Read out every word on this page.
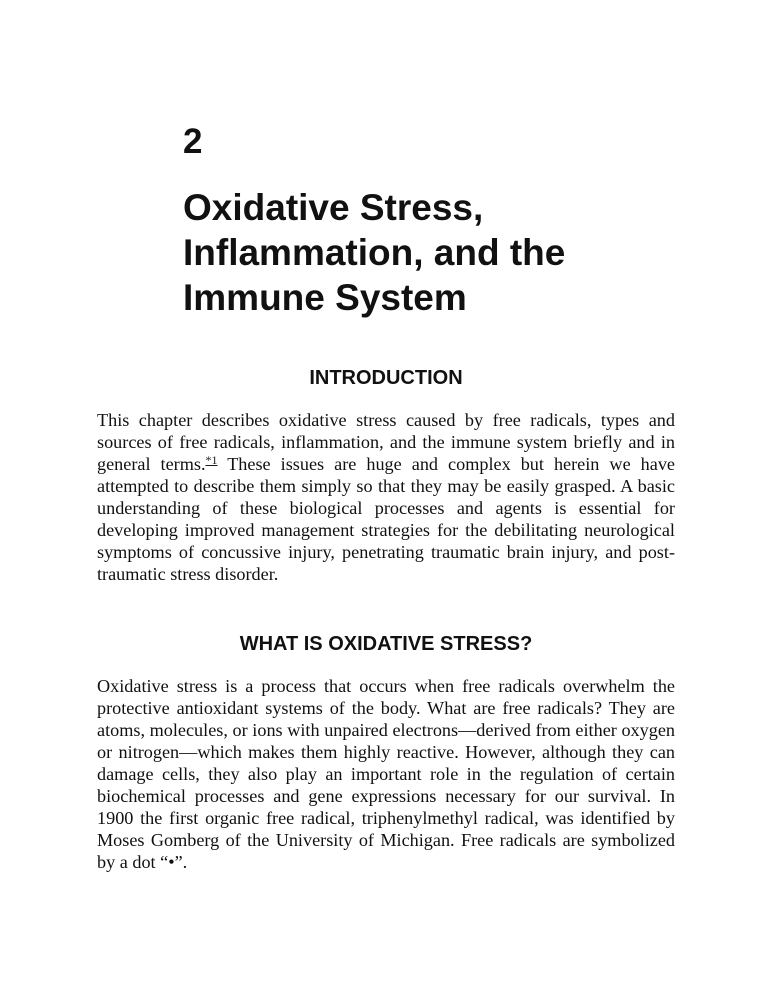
2
Oxidative Stress,
Inflammation, and the
Immune System
INTRODUCTION

This chapter describes oxidative stress caused by free radicals, types and sources of free radicals, inflammation, and the immune system briefly and in general terms.$^{*1}$ These issues are huge and complex but herein we have attempted to describe them simply so that they may be easily grasped. A basic understanding of these biological processes and agents is essential for developing improved management strategies for the debilitating neurological symptoms of concussive injury, penetrating traumatic brain injury, and post-traumatic stress disorder.

WHAT IS OXIDATIVE STRESS?

Oxidative stress is a process that occurs when free radicals overwhelm the protective antioxidant systems of the body. What are free radicals? They are atoms, molecules, or ions with unpaired electrons—derived from either oxygen or nitrogen—which makes them highly reactive. However, although they can damage cells, they also play an important role in the regulation of certain biochemical processes and gene expressions necessary for our survival. In 1900 the first organic free radical, triphenylmethyl radical, was identified by Moses Gomberg of the University of Michigan. Free radicals are symbolized by a dot “•”.
